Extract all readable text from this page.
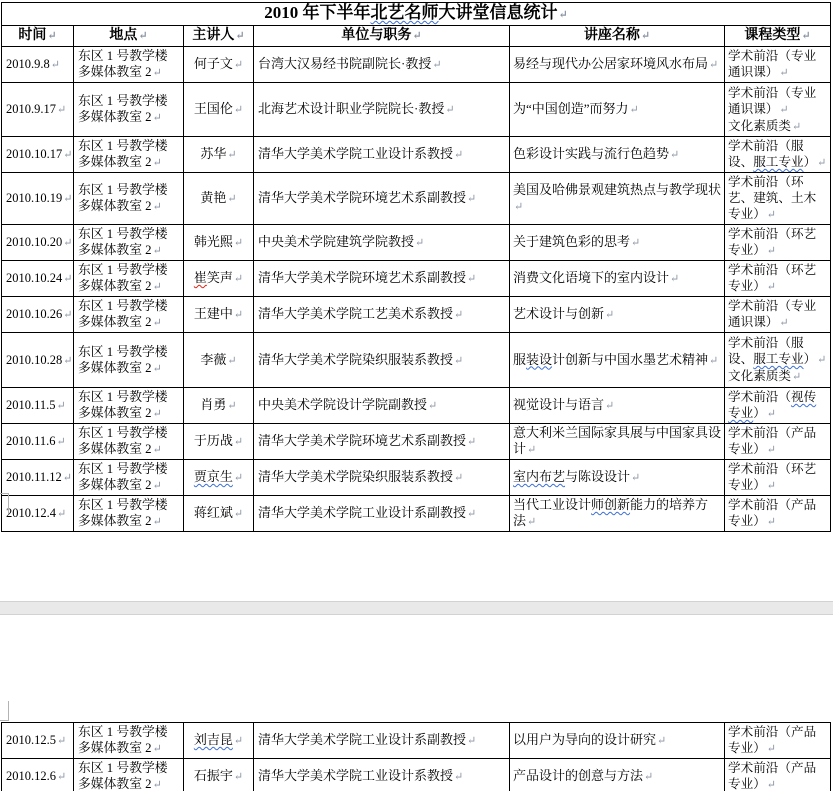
2010 年下半年北艺名师大讲堂信息统计↵					
时间↵	地点↵	主讲人↵	单位与职务↵	讲座名称↵	课程类型↵
2010.9.8↵	东区 1 号教学楼
多媒体教室 2↵	何子文↵	台湾大汉易经书院副院长·教授↵	易经与现代办公居家环境风水布局↵	学术前沿（专业通识课）↵

2010.9.17↵	
东区 1 号教学楼
多媒体教室 2↵
	王国伦↵	北海艺术设计职业学院院长·教授↵	为“中国创造”而努力↵	
学术前沿（专业通识课）↵
文化素质类↵

2010.10.17↵	东区 1 号教学楼
多媒体教室 2↵	苏华↵	清华大学美术学院工业设计系教授↵	色彩设计实践与流行色趋势↵	学术前沿（服设、服工专业）↵

2010.10.19↵	东区 1 号教学楼
多媒体教室 2↵	黄艳↵	清华大学美术学院环境艺术系副教授↵	美国及哈佛景观建筑热点与教学现状↵	学术前沿（环艺、建筑、土木专业）↵

2010.10.20↵	东区 1 号教学楼
多媒体教室 2↵	韩光熙↵	中央美术学院建筑学院教授↵	关于建筑色彩的思考↵	学术前沿（环艺专业）↵

2010.10.24↵	东区 1 号教学楼
多媒体教室 2↵	崔笑声↵	清华大学美术学院环境艺术系副教授↵	消费文化语境下的室内设计↵	学术前沿（环艺专业）↵

2010.10.26↵	东区 1 号教学楼
多媒体教室 2↵	王建中↵	清华大学美术学院工艺美术系教授↵	艺术设计与创新↵	学术前沿（专业通识课）↵

2010.10.28↵	
东区 1 号教学楼
多媒体教室 2↵
	李薇↵	清华大学美术学院染织服装系教授↵	服装设计创新与中国水墨艺术精神↵	
学术前沿（服设、服工专业）↵
文化素质类↵

2010.11.5↵	东区 1 号教学楼
多媒体教室 2↵	肖勇↵	中央美术学院设计学院副教授↵	视觉设计与语言↵	学术前沿（视传专业）↵

2010.11.6↵	东区 1 号教学楼
多媒体教室 2↵	于历战↵	清华大学美术学院环境艺术系副教授↵	意大利米兰国际家具展与中国家具设计↵	学术前沿（产品专业）↵

2010.11.12↵	东区 1 号教学楼
多媒体教室 2↵	贾京生↵	清华大学美术学院染织服装系教授↵	室内布艺与陈设设计↵	学术前沿（环艺专业）↵

2010.12.4↵	东区 1 号教学楼
多媒体教室 2↵	蒋红斌↵	清华大学美术学院工业设计系副教授↵	当代工业设计师创新能力的培养方法↵	学术前沿（产品专业）↵
2010.12.5↵	东区 1 号教学楼
多媒体教室 2↵	刘吉昆↵	清华大学美术学院工业设计系副教授↵	以用户为导向的设计研究↵	学术前沿（产品专业）↵

2010.12.6↵	东区 1 号教学楼
多媒体教室 2↵	石振宇↵	清华大学美术学院工业设计系教授↵	产品设计的创意与方法↵	学术前沿（产品专业）↵
